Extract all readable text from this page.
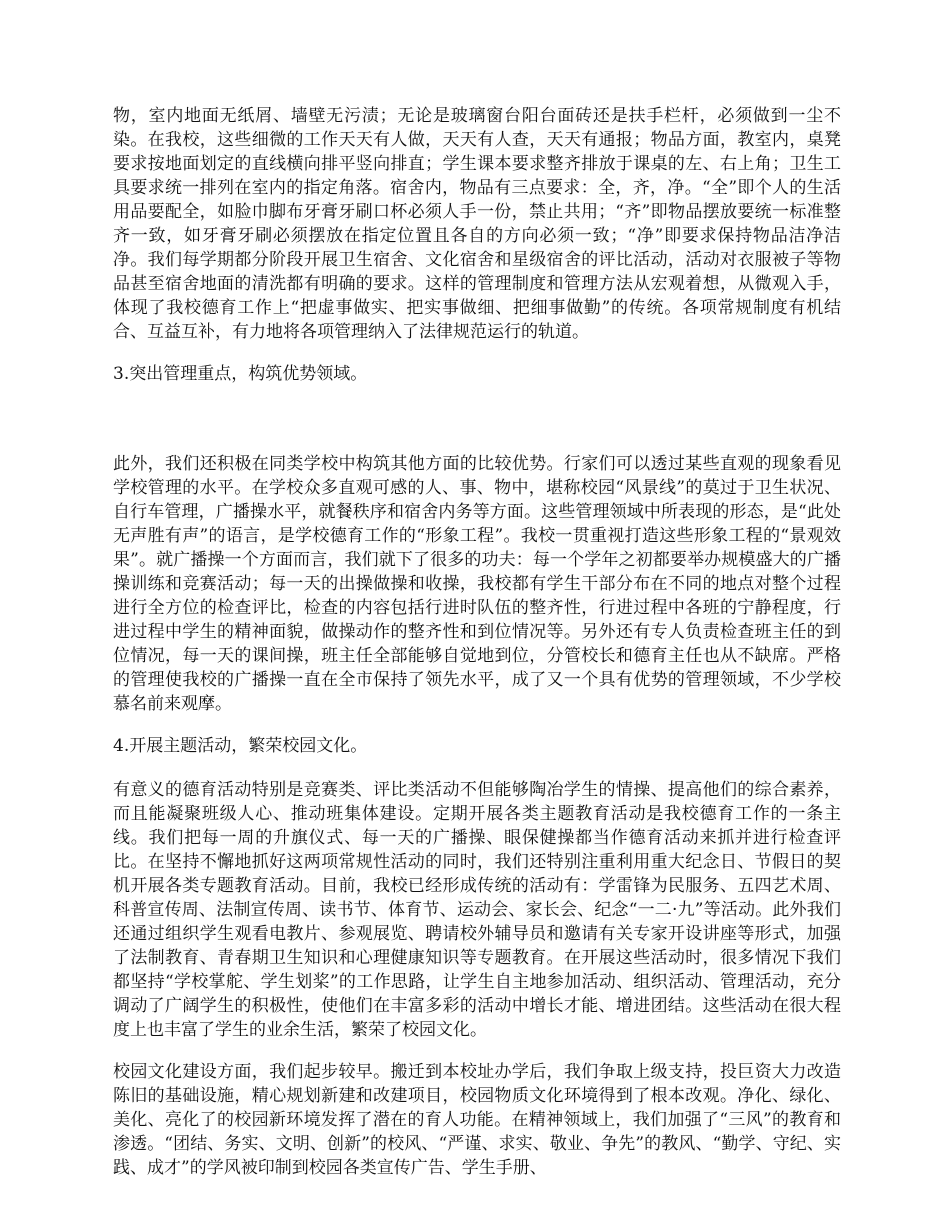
物，室内地面无纸屑、墙壁无污渍；无论是玻璃窗台阳台面砖还是扶手栏杆，必须做到一尘不染。在我校，这些细微的工作天天有人做，天天有人查，天天有通报；物品方面，教室内，桌凳要求按地面划定的直线横向排平竖向排直；学生课本要求整齐排放于课桌的左、右上角；卫生工具要求统一排列在室内的指定角落。宿舍内，物品有三点要求：全，齐，净。“全”即个人的生活用品要配全，如脸巾脚布牙膏牙刷口杯必须人手一份，禁止共用；“齐”即物品摆放要统一标准整齐一致，如牙膏牙刷必须摆放在指定位置且各自的方向必须一致；“净”即要求保持物品洁净洁净。我们每学期都分阶段开展卫生宿舍、文化宿舍和星级宿舍的评比活动，活动对衣服被子等物品甚至宿舍地面的清洗都有明确的要求。这样的管理制度和管理方法从宏观着想，从微观入手，体现了我校德育工作上“把虚事做实、把实事做细、把细事做勤”的传统。各项常规制度有机结合、互益互补，有力地将各项管理纳入了法律规范运行的轨道。

3.突出管理重点，构筑优势领域。

此外，我们还积极在同类学校中构筑其他方面的比较优势。行家们可以透过某些直观的现象看见学校管理的水平。在学校众多直观可感的人、事、物中，堪称校园“风景线”的莫过于卫生状况、自行车管理，广播操水平，就餐秩序和宿舍内务等方面。这些管理领域中所表现的形态，是“此处无声胜有声”的语言，是学校德育工作的“形象工程”。我校一贯重视打造这些形象工程的“景观效果”。就广播操一个方面而言，我们就下了很多的功夫：每一个学年之初都要举办规模盛大的广播操训练和竞赛活动；每一天的出操做操和收操，我校都有学生干部分布在不同的地点对整个过程进行全方位的检查评比，检查的内容包括行进时队伍的整齐性，行进过程中各班的宁静程度，行进过程中学生的精神面貌，做操动作的整齐性和到位情况等。另外还有专人负责检查班主任的到位情况，每一天的课间操，班主任全部能够自觉地到位，分管校长和德育主任也从不缺席。严格的管理使我校的广播操一直在全市保持了领先水平，成了又一个具有优势的管理领域，不少学校慕名前来观摩。

4.开展主题活动，繁荣校园文化。

有意义的德育活动特别是竞赛类、评比类活动不但能够陶冶学生的情操、提高他们的综合素养，而且能凝聚班级人心、推动班集体建设。定期开展各类主题教育活动是我校德育工作的一条主线。我们把每一周的升旗仪式、每一天的广播操、眼保健操都当作德育活动来抓并进行检查评比。在坚持不懈地抓好这两项常规性活动的同时，我们还特别注重利用重大纪念日、节假日的契机开展各类专题教育活动。目前，我校已经形成传统的活动有：学雷锋为民服务、五四艺术周、科普宣传周、法制宣传周、读书节、体育节、运动会、家长会、纪念“一二·九”等活动。此外我们还通过组织学生观看电教片、参观展览、聘请校外辅导员和邀请有关专家开设讲座等形式，加强了法制教育、青春期卫生知识和心理健康知识等专题教育。在开展这些活动时，很多情况下我们都坚持“学校掌舵、学生划桨”的工作思路，让学生自主地参加活动、组织活动、管理活动，充分调动了广阔学生的积极性，使他们在丰富多彩的活动中增长才能、增进团结。这些活动在很大程度上也丰富了学生的业余生活，繁荣了校园文化。

校园文化建设方面，我们起步较早。搬迁到本校址办学后，我们争取上级支持，投巨资大力改造陈旧的基础设施，精心规划新建和改建项目，校园物质文化环境得到了根本改观。净化、绿化、美化、亮化了的校园新环境发挥了潜在的育人功能。在精神领域上，我们加强了“三风”的教育和渗透。“团结、务实、文明、创新”的校风、“严谨、求实、敬业、争先”的教风、“勤学、守纪、实践、成才”的学风被印制到校园各类宣传广告、学生手册、
